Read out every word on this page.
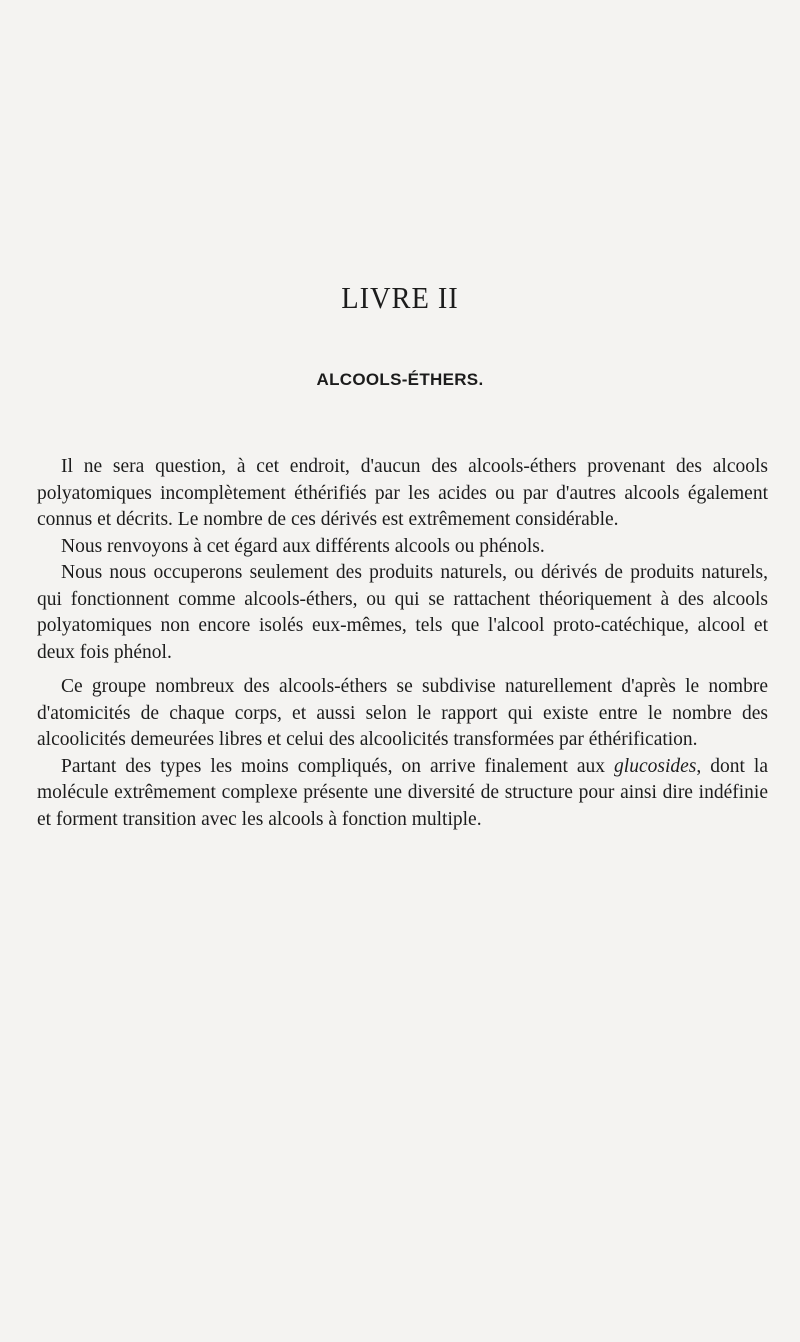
LIVRE II
ALCOOLS-ÉTHERS.

Il ne sera question, à cet endroit, d'aucun des alcools-éthers provenant des alcools polyatomiques incomplètement éthérifiés par les acides ou par d'autres alcools également connus et décrits. Le nombre de ces dérivés est extrêmement considérable.

Nous renvoyons à cet égard aux différents alcools ou phénols.

Nous nous occuperons seulement des produits naturels, ou dérivés de produits naturels, qui fonctionnent comme alcools-éthers, ou qui se rattachent théoriquement à des alcools polyatomiques non encore isolés eux-mêmes, tels que l'alcool proto-catéchique, alcool et deux fois phénol.

Ce groupe nombreux des alcools-éthers se subdivise naturellement d'après le nombre d'atomicités de chaque corps, et aussi selon le rapport qui existe entre le nombre des alcoolicités demeurées libres et celui des alcoolicités transformées par éthérification.

Partant des types les moins compliqués, on arrive finalement aux glucosides, dont la molécule extrêmement complexe présente une diversité de structure pour ainsi dire indéfinie et forment transition avec les alcools à fonction multiple.
